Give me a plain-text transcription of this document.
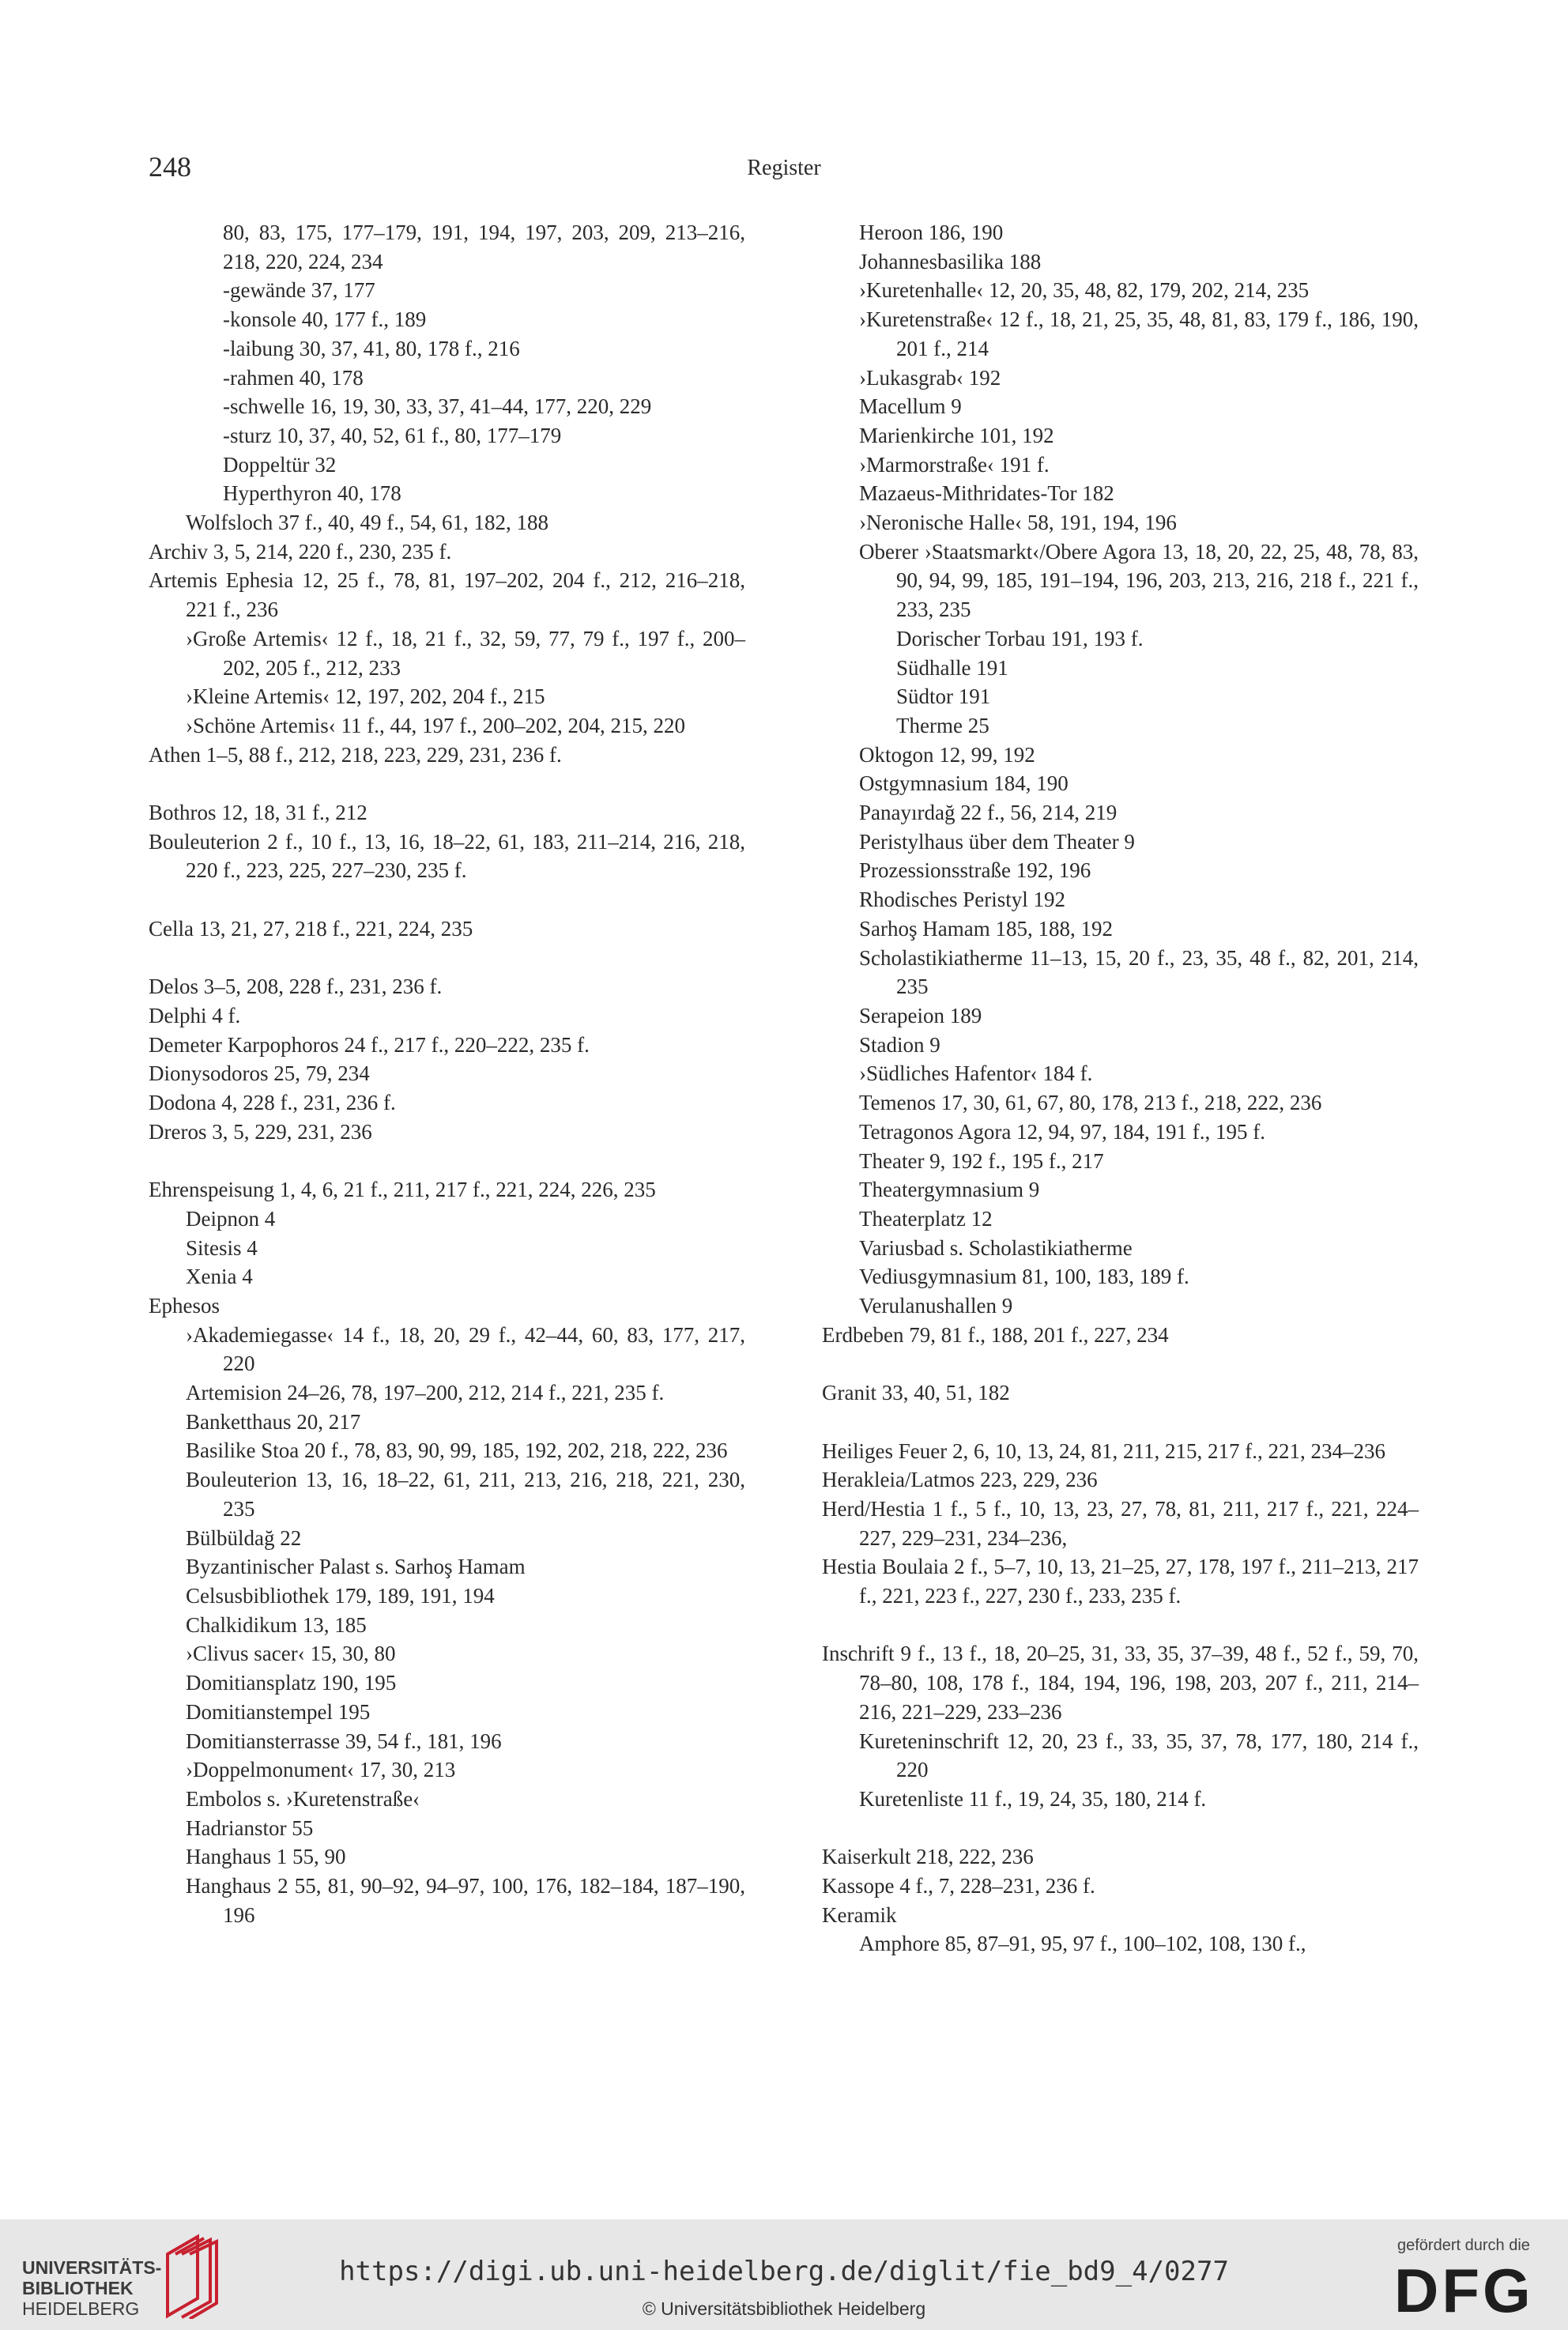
248	Register

80, 83, 175, 177–179, 191, 194, 197, 203, 209, 213–216, 218, 220, 224, 234

-gewände 37, 177

-konsole 40, 177 f., 189

-laibung 30, 37, 41, 80, 178 f., 216

-rahmen 40, 178

-schwelle 16, 19, 30, 33, 37, 41–44, 177, 220, 229

-sturz 10, 37, 40, 52, 61 f., 80, 177–179

Doppeltür 32

Hyperthyron 40, 178

Wolfsloch 37 f., 40, 49 f., 54, 61, 182, 188

Archiv 3, 5, 214, 220 f., 230, 235 f.

Artemis Ephesia 12, 25 f., 78, 81, 197–202, 204 f., 212, 216–218, 221 f., 236

›Große Artemis‹ 12 f., 18, 21 f., 32, 59, 77, 79 f., 197 f., 200–202, 205 f., 212, 233

›Kleine Artemis‹ 12, 197, 202, 204 f., 215

›Schöne Artemis‹ 11 f., 44, 197 f., 200–202, 204, 215, 220

Athen 1–5, 88 f., 212, 218, 223, 229, 231, 236 f.

Bothros 12, 18, 31 f., 212

Bouleuterion 2 f., 10 f., 13, 16, 18–22, 61, 183, 211–214, 216, 218, 220 f., 223, 225, 227–230, 235 f.

Cella 13, 21, 27, 218 f., 221, 224, 235

Delos 3–5, 208, 228 f., 231, 236 f.

Delphi 4 f.

Demeter Karpophoros 24 f., 217 f., 220–222, 235 f.

Dionysodoros 25, 79, 234

Dodona 4, 228 f., 231, 236 f.

Dreros 3, 5, 229, 231, 236

Ehrenspeisung 1, 4, 6, 21 f., 211, 217 f., 221, 224, 226, 235

Deipnon 4

Sitesis 4

Xenia 4

Ephesos

›Akademiegasse‹ 14 f., 18, 20, 29 f., 42–44, 60, 83, 177, 217, 220

Artemision 24–26, 78, 197–200, 212, 214 f., 221, 235 f.

Banketthaus 20, 217

Basilike Stoa 20 f., 78, 83, 90, 99, 185, 192, 202, 218, 222, 236

Bouleuterion 13, 16, 18–22, 61, 211, 213, 216, 218, 221, 230, 235

Bülbüldağ 22

Byzantinischer Palast s. Sarhoş Hamam

Celsusbibliothek 179, 189, 191, 194

Chalkidikum 13, 185

›Clivus sacer‹ 15, 30, 80

Domitiansplatz 190, 195

Domitianstempel 195

Domitiansterrasse 39, 54 f., 181, 196

›Doppelmonument‹ 17, 30, 213

Embolos s. ›Kuretenstraße‹

Hadrianstor 55

Hanghaus 1 55, 90

Hanghaus 2 55, 81, 90–92, 94–97, 100, 176, 182–184, 187–190, 196

Heroon 186, 190

Johannesbasilika 188

›Kuretenhalle‹ 12, 20, 35, 48, 82, 179, 202, 214, 235

›Kuretenstraße‹ 12 f., 18, 21, 25, 35, 48, 81, 83, 179 f., 186, 190, 201 f., 214

›Lukasgrab‹ 192

Macellum 9

Marienkirche 101, 192

›Marmorstraße‹ 191 f.

Mazaeus-Mithridates-Tor 182

›Neronische Halle‹ 58, 191, 194, 196

Oberer ›Staatsmarkt‹/Obere Agora 13, 18, 20, 22, 25, 48, 78, 83, 90, 94, 99, 185, 191–194, 196, 203, 213, 216, 218 f., 221 f., 233, 235

Dorischer Torbau 191, 193 f.

Südhalle 191

Südtor 191

Therme 25

Oktogon 12, 99, 192

Ostgymnasium 184, 190

Panayırdağ 22 f., 56, 214, 219

Peristylhaus über dem Theater 9

Prozessionsstraße 192, 196

Rhodisches Peristyl 192

Sarhoş Hamam 185, 188, 192

Scholastikiatherme 11–13, 15, 20 f., 23, 35, 48 f., 82, 201, 214, 235

Serapeion 189

Stadion 9

›Südliches Hafentor‹ 184 f.

Temenos 17, 30, 61, 67, 80, 178, 213 f., 218, 222, 236

Tetragonos Agora 12, 94, 97, 184, 191 f., 195 f.

Theater 9, 192 f., 195 f., 217

Theatergymnasium 9

Theaterplatz 12

Variusbad s. Scholastikiatherme

Vediusgymnasium 81, 100, 183, 189 f.

Verulanushallen 9

Erdbeben 79, 81 f., 188, 201 f., 227, 234

Granit 33, 40, 51, 182

Heiliges Feuer 2, 6, 10, 13, 24, 81, 211, 215, 217 f., 221, 234–236

Herakleia/Latmos 223, 229, 236

Herd/Hestia 1 f., 5 f., 10, 13, 23, 27, 78, 81, 211, 217 f., 221, 224–227, 229–231, 234–236,

Hestia Boulaia 2 f., 5–7, 10, 13, 21–25, 27, 178, 197 f., 211–213, 217 f., 221, 223 f., 227, 230 f., 233, 235 f.

Inschrift 9 f., 13 f., 18, 20–25, 31, 33, 35, 37–39, 48 f., 52 f., 59, 70, 78–80, 108, 178 f., 184, 194, 196, 198, 203, 207 f., 211, 214–216, 221–229, 233–236

Kureteninschrift 12, 20, 23 f., 33, 35, 37, 78, 177, 180, 214 f., 220

Kuretenliste 11 f., 19, 24, 35, 180, 214 f.

Kaiserkult 218, 222, 236

Kassope 4 f., 7, 228–231, 236 f.

Keramik

Amphore 85, 87–91, 95, 97 f., 100–102, 108, 130 f.,

UNIVERSITÄTS-
BIBLIOTHEK
HEIDELBERG
https://digi.ub.uni-heidelberg.de/diglit/fie_bd9_4/0277
© Universitätsbibliothek Heidelberg
gefördert durch die
DFG
